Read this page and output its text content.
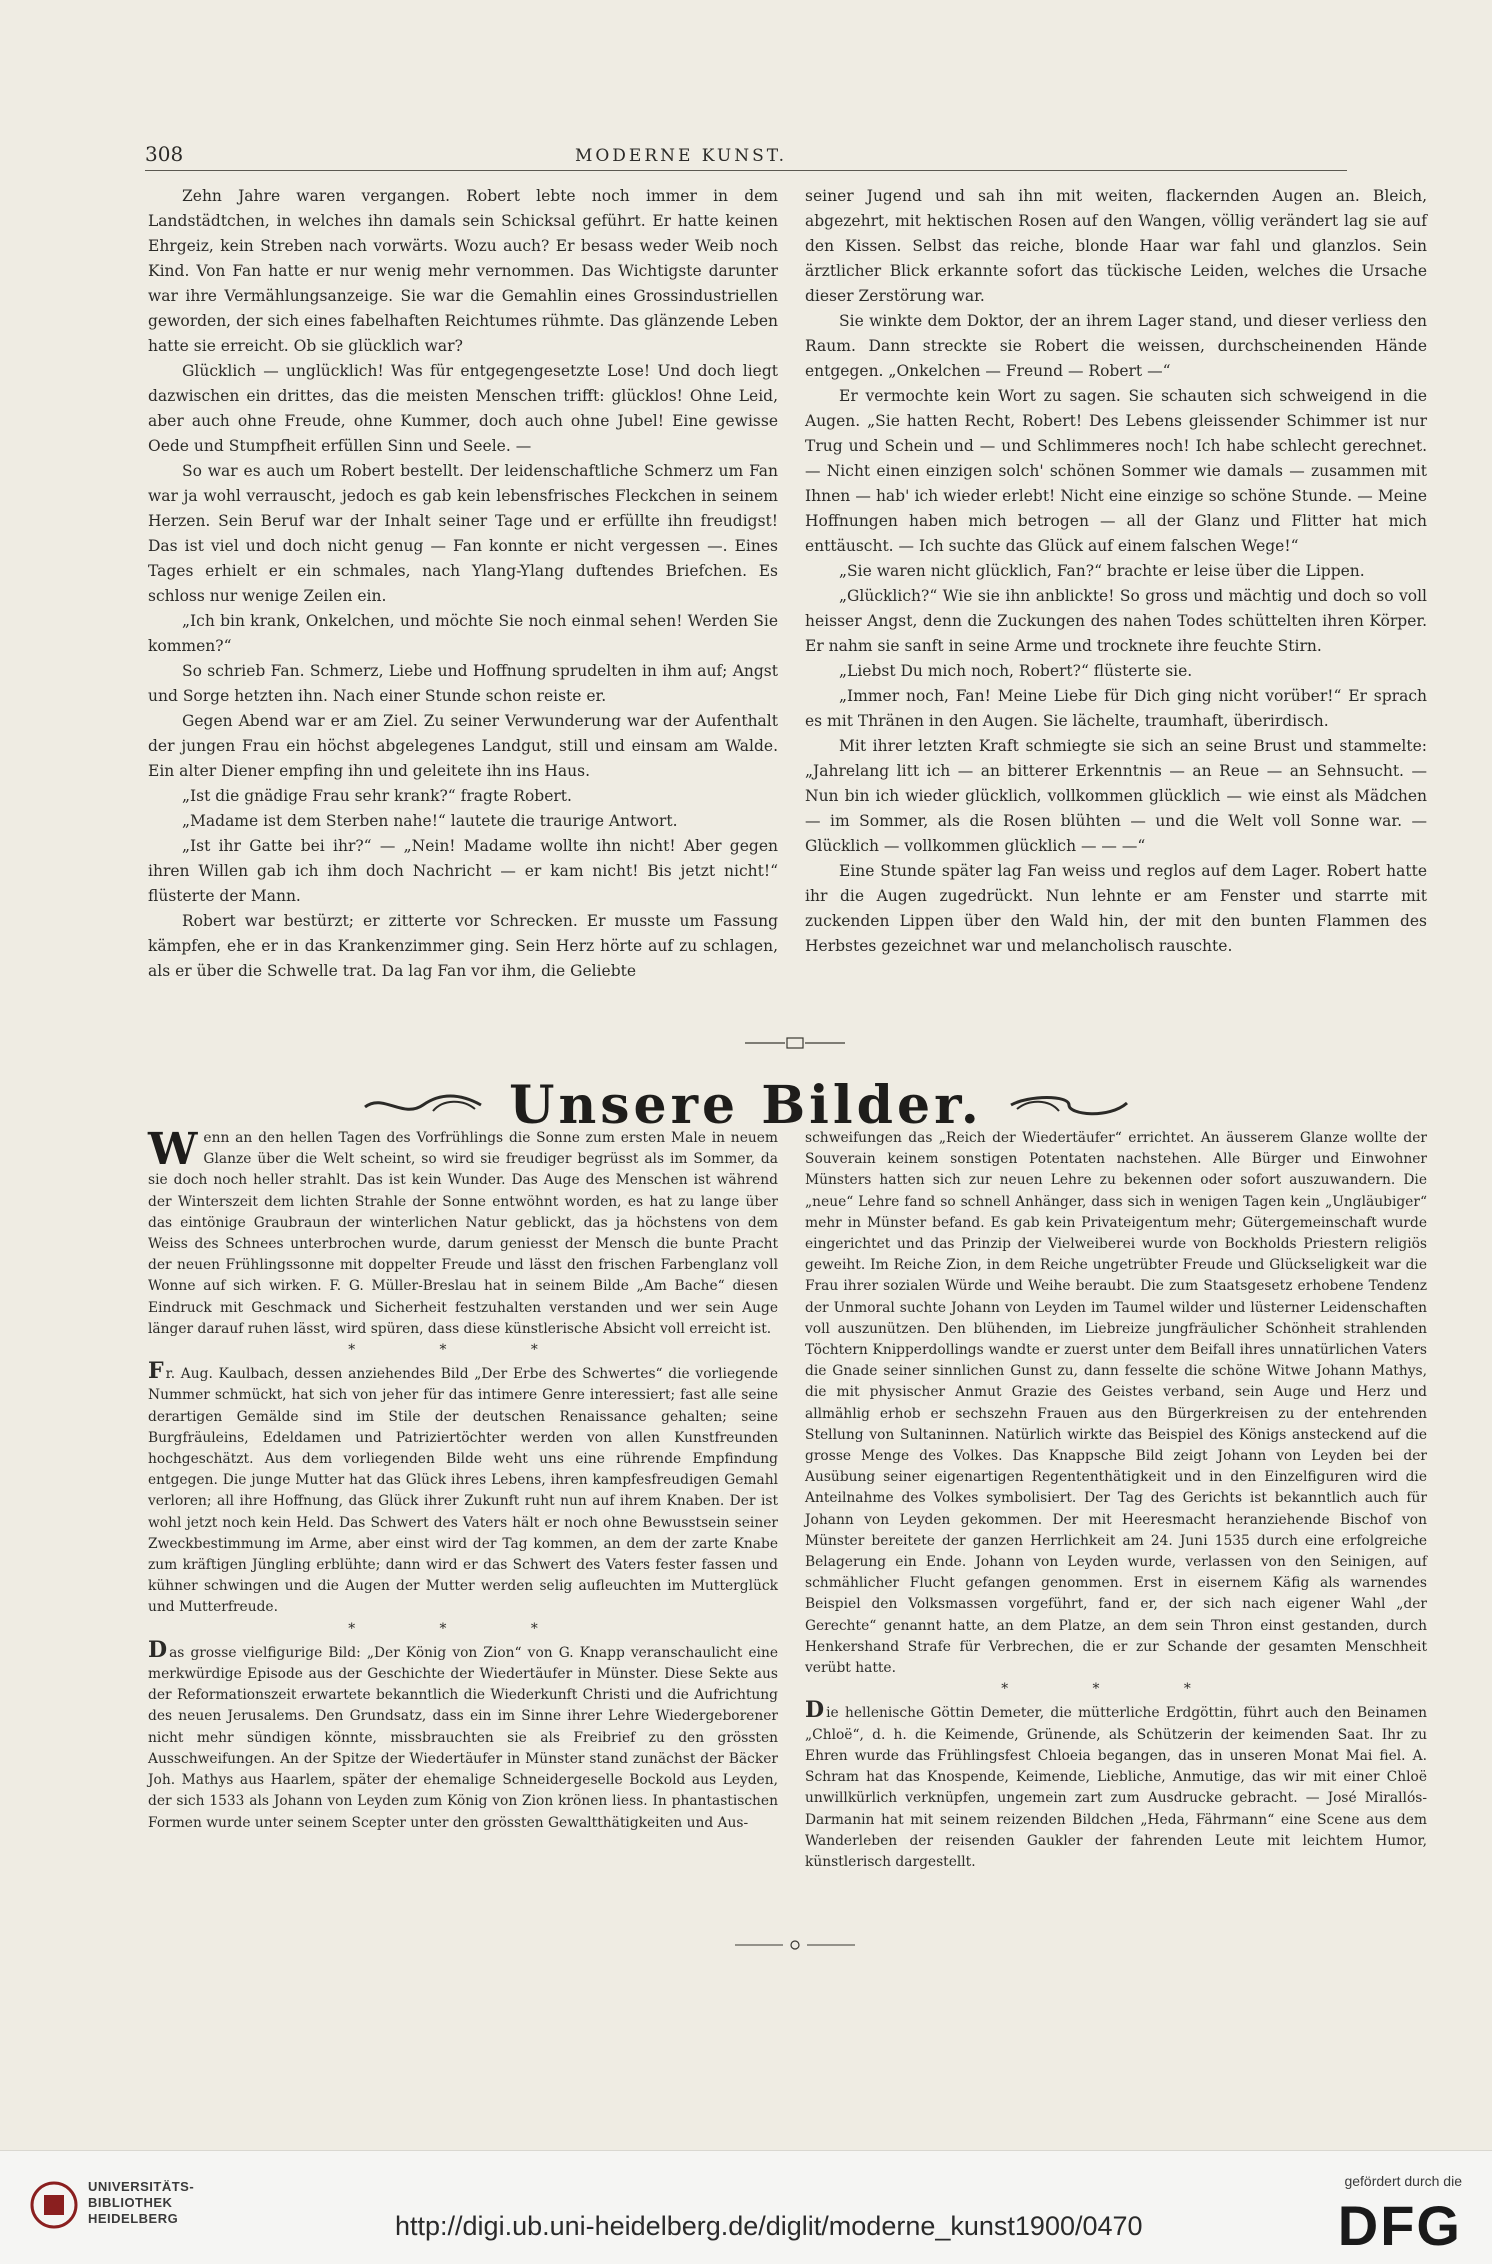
308	MODERNE KUNST.

Zehn Jahre waren vergangen. Robert lebte noch immer in dem Landstädtchen, in welches ihn damals sein Schicksal geführt. Er hatte keinen Ehrgeiz, kein Streben nach vorwärts. Wozu auch? Er besass weder Weib noch Kind. Von Fan hatte er nur wenig mehr vernommen. Das Wichtigste darunter war ihre Vermählungsanzeige. Sie war die Gemahlin eines Grossindustriellen geworden, der sich eines fabelhaften Reichtumes rühmte. Das glänzende Leben hatte sie erreicht. Ob sie glücklich war?

Glücklich — unglücklich! Was für entgegengesetzte Lose! Und doch liegt dazwischen ein drittes, das die meisten Menschen trifft: glücklos! Ohne Leid, aber auch ohne Freude, ohne Kummer, doch auch ohne Jubel! Eine gewisse Oede und Stumpfheit erfüllen Sinn und Seele. —

So war es auch um Robert bestellt. Der leidenschaftliche Schmerz um Fan war ja wohl verrauscht, jedoch es gab kein lebensfrisches Fleckchen in seinem Herzen. Sein Beruf war der Inhalt seiner Tage und er erfüllte ihn freudigst! Das ist viel und doch nicht genug — Fan konnte er nicht vergessen —. Eines Tages erhielt er ein schmales, nach Ylang-Ylang duftendes Briefchen. Es schloss nur wenige Zeilen ein.

„Ich bin krank, Onkelchen, und möchte Sie noch einmal sehen! Werden Sie kommen?“

So schrieb Fan. Schmerz, Liebe und Hoffnung sprudelten in ihm auf; Angst und Sorge hetzten ihn. Nach einer Stunde schon reiste er.

Gegen Abend war er am Ziel. Zu seiner Verwunderung war der Aufenthalt der jungen Frau ein höchst abgelegenes Landgut, still und einsam am Walde. Ein alter Diener empfing ihn und geleitete ihn ins Haus.

„Ist die gnädige Frau sehr krank?“ fragte Robert.

„Madame ist dem Sterben nahe!“ lautete die traurige Antwort.

„Ist ihr Gatte bei ihr?“ — „Nein! Madame wollte ihn nicht! Aber gegen ihren Willen gab ich ihm doch Nachricht — er kam nicht! Bis jetzt nicht!“ flüsterte der Mann.

Robert war bestürzt; er zitterte vor Schrecken. Er musste um Fassung kämpfen, ehe er in das Krankenzimmer ging. Sein Herz hörte auf zu schlagen, als er über die Schwelle trat. Da lag Fan vor ihm, die Geliebte

seiner Jugend und sah ihn mit weiten, flackernden Augen an. Bleich, abgezehrt, mit hektischen Rosen auf den Wangen, völlig verändert lag sie auf den Kissen. Selbst das reiche, blonde Haar war fahl und glanzlos. Sein ärztlicher Blick erkannte sofort das tückische Leiden, welches die Ursache dieser Zerstörung war.

Sie winkte dem Doktor, der an ihrem Lager stand, und dieser verliess den Raum. Dann streckte sie Robert die weissen, durchscheinenden Hände entgegen. „Onkelchen — Freund — Robert —“

Er vermochte kein Wort zu sagen. Sie schauten sich schweigend in die Augen. „Sie hatten Recht, Robert! Des Lebens gleissender Schimmer ist nur Trug und Schein und — und Schlimmeres noch! Ich habe schlecht gerechnet. — Nicht einen einzigen solch' schönen Sommer wie damals — zusammen mit Ihnen — hab' ich wieder erlebt! Nicht eine einzige so schöne Stunde. — Meine Hoffnungen haben mich betrogen — all der Glanz und Flitter hat mich enttäuscht. — Ich suchte das Glück auf einem falschen Wege!“

„Sie waren nicht glücklich, Fan?“ brachte er leise über die Lippen.

„Glücklich?“ Wie sie ihn anblickte! So gross und mächtig und doch so voll heisser Angst, denn die Zuckungen des nahen Todes schüttelten ihren Körper. Er nahm sie sanft in seine Arme und trocknete ihre feuchte Stirn.

„Liebst Du mich noch, Robert?“ flüsterte sie.

„Immer noch, Fan! Meine Liebe für Dich ging nicht vorüber!“ Er sprach es mit Thränen in den Augen. Sie lächelte, traumhaft, überirdisch.

Mit ihrer letzten Kraft schmiegte sie sich an seine Brust und stammelte: „Jahrelang litt ich — an bitterer Erkenntnis — an Reue — an Sehnsucht. — Nun bin ich wieder glücklich, vollkommen glücklich — wie einst als Mädchen — im Sommer, als die Rosen blühten — und die Welt voll Sonne war. — Glücklich — vollkommen glücklich — — —“

Eine Stunde später lag Fan weiss und reglos auf dem Lager. Robert hatte ihr die Augen zugedrückt. Nun lehnte er am Fenster und starrte mit zuckenden Lippen über den Wald hin, der mit den bunten Flammen des Herbstes gezeichnet war und melancholisch rauschte.

Unsere Bilder.

W enn an den hellen Tagen des Vorfrühlings die Sonne zum ersten Male in neuem Glanze über die Welt scheint, so wird sie freudiger begrüsst als im Sommer, da sie doch noch heller strahlt. Das ist kein Wunder. Das Auge des Menschen ist während der Winterszeit dem lichten Strahle der Sonne entwöhnt worden, es hat zu lange über das eintönige Graubraun der winterlichen Natur geblickt, das ja höchstens von dem Weiss des Schnees unterbrochen wurde, darum geniesst der Mensch die bunte Pracht der neuen Frühlingssonne mit doppelter Freude und lässt den frischen Farbenglanz voll Wonne auf sich wirken. F. G. Müller-Breslau hat in seinem Bilde „Am Bache“ diesen Eindruck mit Geschmack und Sicherheit festzuhalten verstanden und wer sein Auge länger darauf ruhen lässt, wird spüren, dass diese künstlerische Absicht voll erreicht ist.

* * *

Fr. Aug. Kaulbach, dessen anziehendes Bild „Der Erbe des Schwertes“ die vorliegende Nummer schmückt, hat sich von jeher für das intimere Genre interessiert; fast alle seine derartigen Gemälde sind im Stile der deutschen Renaissance gehalten; seine Burgfräuleins, Edeldamen und Patriziertöchter werden von allen Kunstfreunden hochgeschätzt. Aus dem vorliegenden Bilde weht uns eine rührende Empfindung entgegen. Die junge Mutter hat das Glück ihres Lebens, ihren kampfesfreudigen Gemahl verloren; all ihre Hoffnung, das Glück ihrer Zukunft ruht nun auf ihrem Knaben. Der ist wohl jetzt noch kein Held. Das Schwert des Vaters hält er noch ohne Bewusstsein seiner Zweckbestimmung im Arme, aber einst wird der Tag kommen, an dem der zarte Knabe zum kräftigen Jüngling erblühte; dann wird er das Schwert des Vaters fester fassen und kühner schwingen und die Augen der Mutter werden selig aufleuchten im Mutterglück und Mutterfreude.

* * *

Das grosse vielfigurige Bild: „Der König von Zion“ von G. Knapp veranschaulicht eine merkwürdige Episode aus der Geschichte der Wiedertäufer in Münster. Diese Sekte aus der Reformationszeit erwartete bekanntlich die Wiederkunft Christi und die Aufrichtung des neuen Jerusalems. Den Grundsatz, dass ein im Sinne ihrer Lehre Wiedergeborener nicht mehr sündigen könnte, missbrauchten sie als Freibrief zu den grössten Ausschweifungen. An der Spitze der Wiedertäufer in Münster stand zunächst der Bäcker Joh. Mathys aus Haarlem, später der ehemalige Schneidergeselle Bockold aus Leyden, der sich 1533 als Johann von Leyden zum König von Zion krönen liess. In phantastischen Formen wurde unter seinem Scepter unter den grössten Gewaltthätigkeiten und Aus-

schweifungen das „Reich der Wiedertäufer“ errichtet. An äusserem Glanze wollte der Souverain keinem sonstigen Potentaten nachstehen. Alle Bürger und Einwohner Münsters hatten sich zur neuen Lehre zu bekennen oder sofort auszuwandern. Die „neue“ Lehre fand so schnell Anhänger, dass sich in wenigen Tagen kein „Ungläubiger“ mehr in Münster befand. Es gab kein Privateigentum mehr; Gütergemeinschaft wurde eingerichtet und das Prinzip der Vielweiberei wurde von Bockholds Priestern religiös geweiht. Im Reiche Zion, in dem Reiche ungetrübter Freude und Glückseligkeit war die Frau ihrer sozialen Würde und Weihe beraubt. Die zum Staatsgesetz erhobene Tendenz der Unmoral suchte Johann von Leyden im Taumel wilder und lüsterner Leidenschaften voll auszunützen. Den blühenden, im Liebreize jungfräulicher Schönheit strahlenden Töchtern Knipperdollings wandte er zuerst unter dem Beifall ihres unnatürlichen Vaters die Gnade seiner sinnlichen Gunst zu, dann fesselte die schöne Witwe Johann Mathys, die mit physischer Anmut Grazie des Geistes verband, sein Auge und Herz und allmählig erhob er sechszehn Frauen aus den Bürgerkreisen zu der entehrenden Stellung von Sultaninnen. Natürlich wirkte das Beispiel des Königs ansteckend auf die grosse Menge des Volkes. Das Knappsche Bild zeigt Johann von Leyden bei der Ausübung seiner eigenartigen Regententhätigkeit und in den Einzelfiguren wird die Anteilnahme des Volkes symbolisiert. Der Tag des Gerichts ist bekanntlich auch für Johann von Leyden gekommen. Der mit Heeresmacht heranziehende Bischof von Münster bereitete der ganzen Herrlichkeit am 24. Juni 1535 durch eine erfolgreiche Belagerung ein Ende. Johann von Leyden wurde, verlassen von den Seinigen, auf schmählicher Flucht gefangen genommen. Erst in eisernem Käfig als warnendes Beispiel den Volksmassen vorgeführt, fand er, der sich nach eigener Wahl „der Gerechte“ genannt hatte, an dem Platze, an dem sein Thron einst gestanden, durch Henkershand Strafe für Verbrechen, die er zur Schande der gesamten Menschheit verübt hatte.

* * *

Die hellenische Göttin Demeter, die mütterliche Erdgöttin, führt auch den Beinamen „Chloë“, d. h. die Keimende, Grünende, als Schützerin der keimenden Saat. Ihr zu Ehren wurde das Frühlingsfest Chloeia begangen, das in unseren Monat Mai fiel. A. Schram hat das Knospende, Keimende, Liebliche, Anmutige, das wir mit einer Chloë unwillkürlich verknüpfen, ungemein zart zum Ausdrucke gebracht. — José Mirallós-Darmanin hat mit seinem reizenden Bildchen „Heda, Fährmann“ eine Scene aus dem Wanderleben der reisenden Gaukler der fahrenden Leute mit leichtem Humor, künstlerisch dargestellt.

UNIVERSITÄTS-
BIBLIOTHEK
HEIDELBERG	http://digi.ub.uni-heidelberg.de/diglit/moderne_kunst1900/0470
gefördert durch die
DFG
